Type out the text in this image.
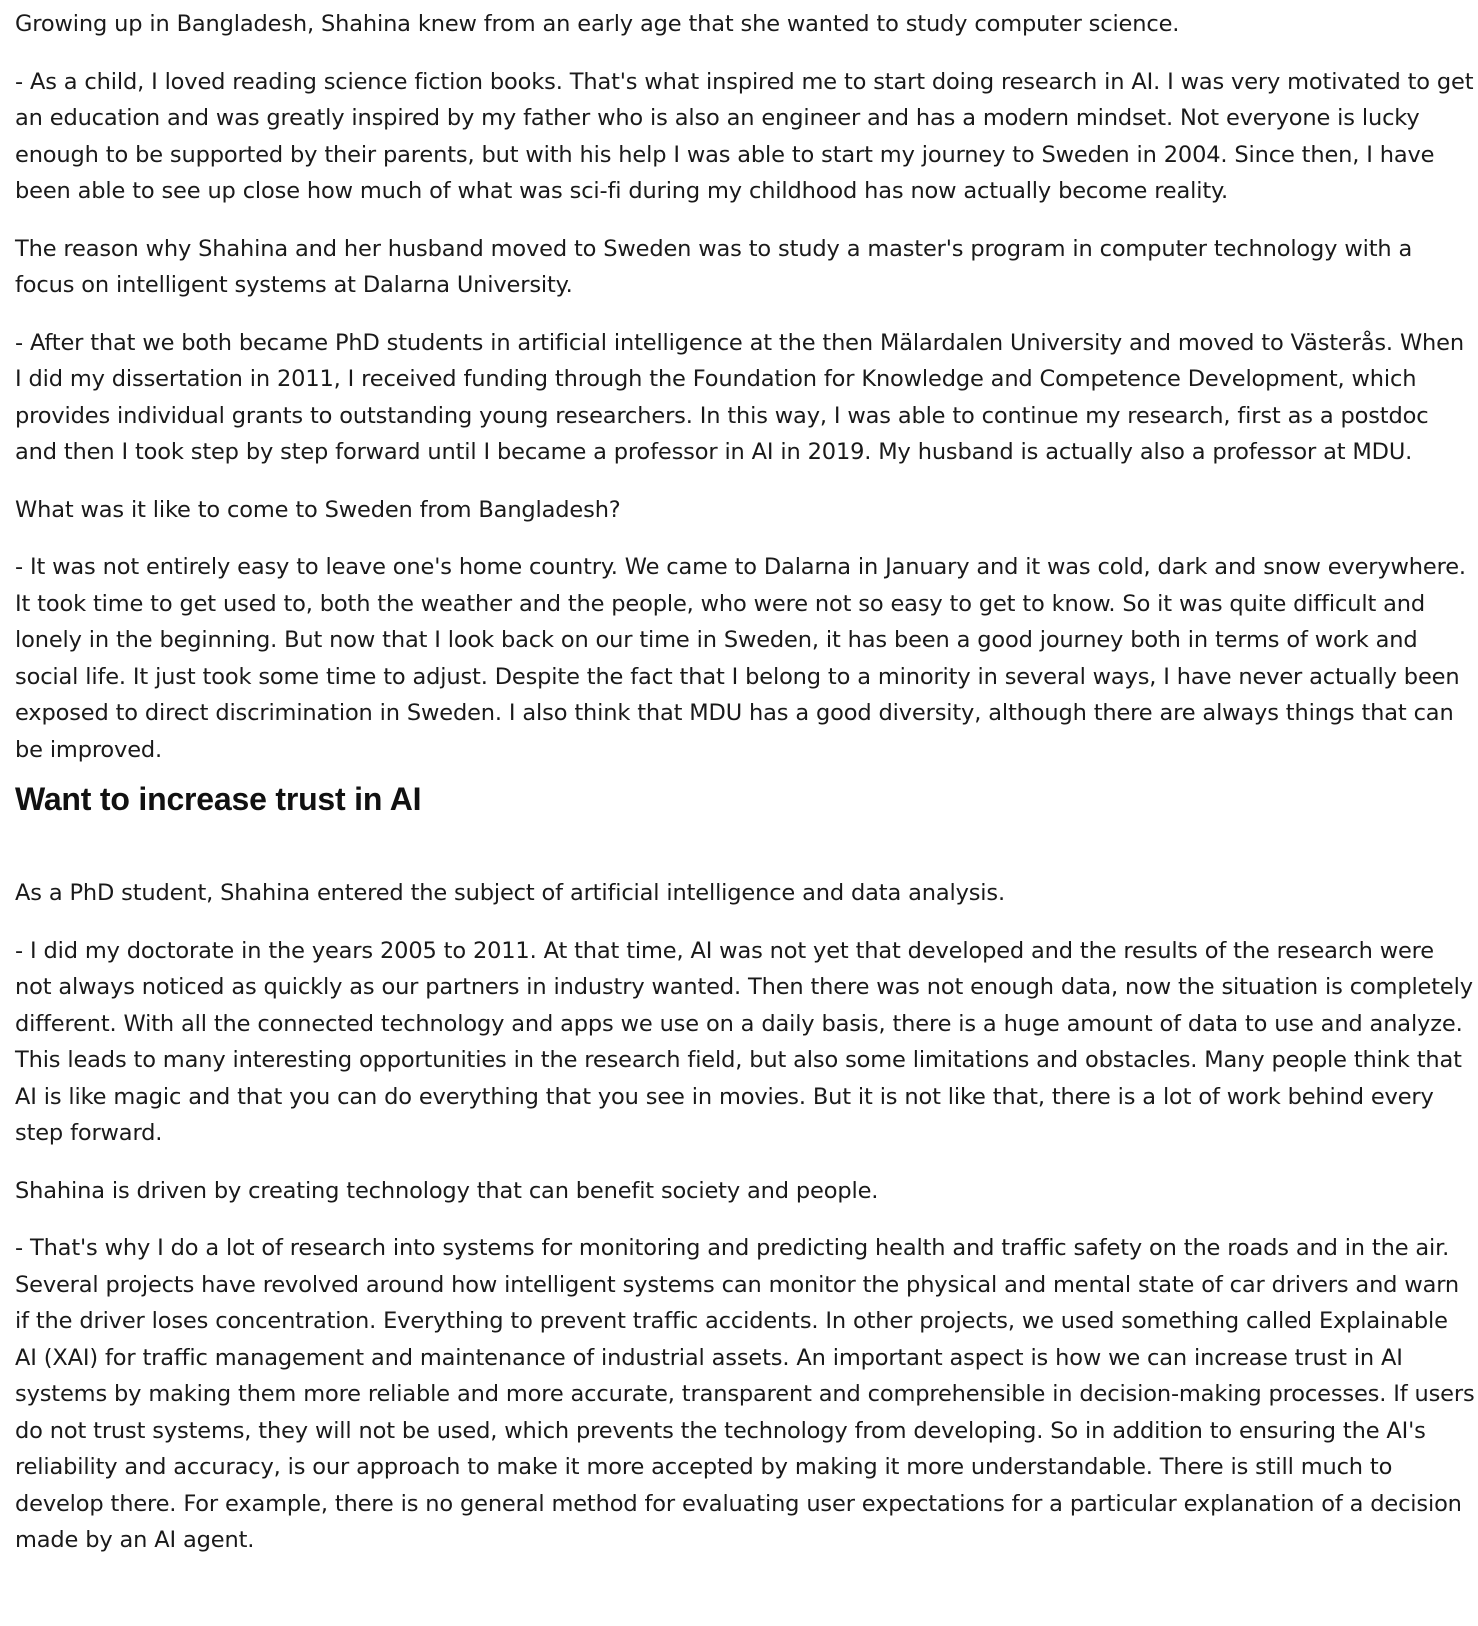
Growing up in Bangladesh, Shahina knew from an early age that she wanted to study computer science.

- As a child, I loved reading science fiction books. That's what inspired me to start doing research in AI. I was very motivated to get an education and was greatly inspired by my father who is also an engineer and has a modern mindset. Not everyone is lucky enough to be supported by their parents, but with his help I was able to start my journey to Sweden in 2004. Since then, I have been able to see up close how much of what was sci-fi during my childhood has now actually become reality.

The reason why Shahina and her husband moved to Sweden was to study a master's program in computer technology with a focus on intelligent systems at Dalarna University.

- After that we both became PhD students in artificial intelligence at the then Mälardalen University and moved to Västerås. When I did my dissertation in 2011, I received funding through the Foundation for Knowledge and Competence Development, which provides individual grants to outstanding young researchers. In this way, I was able to continue my research, first as a postdoc and then I took step by step forward until I became a professor in AI in 2019. My husband is actually also a professor at MDU.

What was it like to come to Sweden from Bangladesh?

- It was not entirely easy to leave one's home country. We came to Dalarna in January and it was cold, dark and snow everywhere. It took time to get used to, both the weather and the people, who were not so easy to get to know. So it was quite difficult and lonely in the beginning. But now that I look back on our time in Sweden, it has been a good journey both in terms of work and social life. It just took some time to adjust. Despite the fact that I belong to a minority in several ways, I have never actually been exposed to direct discrimination in Sweden. I also think that MDU has a good diversity, although there are always things that can be improved.

Want to increase trust in AI

As a PhD student, Shahina entered the subject of artificial intelligence and data analysis.

- I did my doctorate in the years 2005 to 2011. At that time, AI was not yet that developed and the results of the research were not always noticed as quickly as our partners in industry wanted. Then there was not enough data, now the situation is completely different. With all the connected technology and apps we use on a daily basis, there is a huge amount of data to use and analyze. This leads to many interesting opportunities in the research field, but also some limitations and obstacles. Many people think that AI is like magic and that you can do everything that you see in movies. But it is not like that, there is a lot of work behind every step forward.

Shahina is driven by creating technology that can benefit society and people.

- That's why I do a lot of research into systems for monitoring and predicting health and traffic safety on the roads and in the air. Several projects have revolved around how intelligent systems can monitor the physical and mental state of car drivers and warn if the driver loses concentration. Everything to prevent traffic accidents. In other projects, we used something called Explainable AI (XAI) for traffic management and maintenance of industrial assets. An important aspect is how we can increase trust in AI systems by making them more reliable and more accurate, transparent and comprehensible in decision-making processes. If users do not trust systems, they will not be used, which prevents the technology from developing. So in addition to ensuring the AI's reliability and accuracy, is our approach to make it more accepted by making it more understandable. There is still much to develop there. For example, there is no general method for evaluating user expectations for a particular explanation of a decision made by an AI agent.
